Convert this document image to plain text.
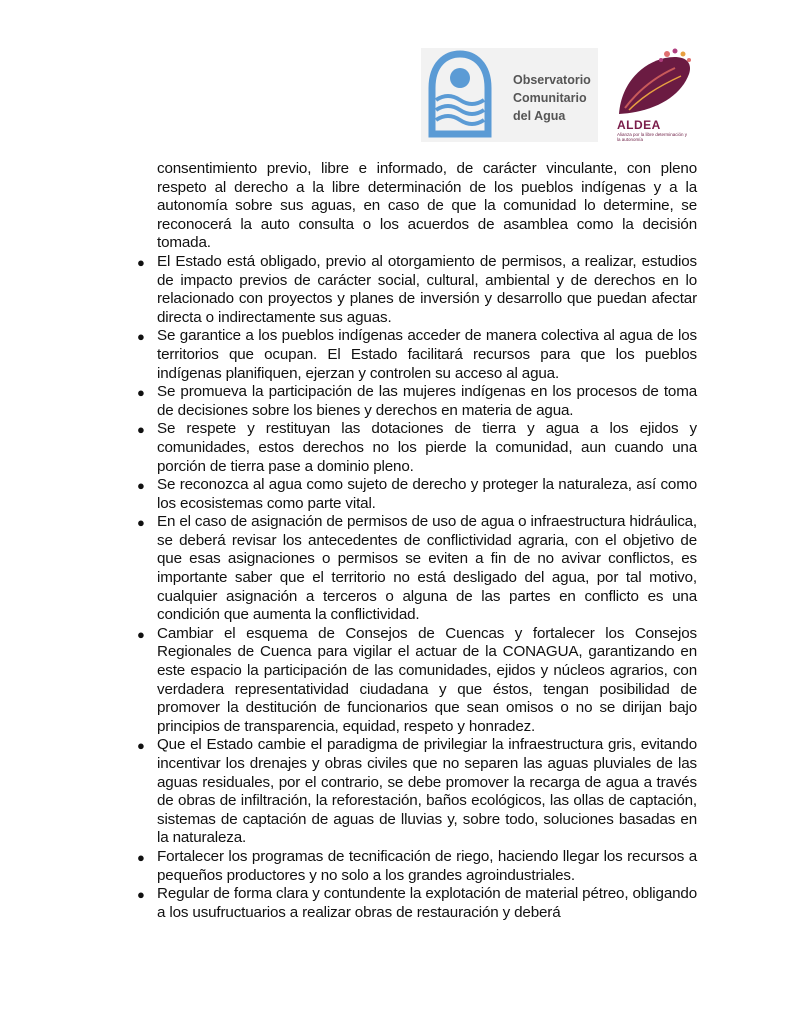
Observatorio
Comunitario
del Agua
ALDEA
Alianza por la libre determinación y la autonomía

consentimiento previo, libre e informado, de carácter vinculante, con pleno respeto al derecho a la libre determinación de los pueblos indígenas y a la autonomía sobre sus aguas, en caso de que la comunidad lo determine, se reconocerá la auto consulta o los acuerdos de asamblea como la decisión tomada.

● El Estado está obligado, previo al otorgamiento de permisos, a realizar, estudios de impacto previos de carácter social, cultural, ambiental y de derechos en lo relacionado con proyectos y planes de inversión y desarrollo que puedan afectar directa o indirectamente sus aguas.
● Se garantice a los pueblos indígenas acceder de manera colectiva al agua de los territorios que ocupan. El Estado facilitará recursos para que los pueblos indígenas planifiquen, ejerzan y controlen su acceso al agua.
● Se promueva la participación de las mujeres indígenas en los procesos de toma de decisiones sobre los bienes y derechos en materia de agua.
● Se respete y restituyan las dotaciones de tierra y agua a los ejidos y comunidades, estos derechos no los pierde la comunidad, aun cuando una porción de tierra pase a dominio pleno.
● Se reconozca al agua como sujeto de derecho y proteger la naturaleza, así como los ecosistemas como parte vital.
● En el caso de asignación de permisos de uso de agua o infraestructura hidráulica, se deberá revisar los antecedentes de conflictividad agraria, con el objetivo de que esas asignaciones o permisos se eviten a fin de no avivar conflictos, es importante saber que el territorio no está desligado del agua, por tal motivo, cualquier asignación a terceros o alguna de las partes en conflicto es una condición que aumenta la conflictividad.
● Cambiar el esquema de Consejos de Cuencas y fortalecer los Consejos Regionales de Cuenca para vigilar el actuar de la CONAGUA, garantizando en este espacio la participación de las comunidades, ejidos y núcleos agrarios, con verdadera representatividad ciudadana y que éstos, tengan posibilidad de promover la destitución de funcionarios que sean omisos o no se dirijan bajo principios de transparencia, equidad, respeto y honradez.
● Que el Estado cambie el paradigma de privilegiar la infraestructura gris, evitando incentivar los drenajes y obras civiles que no separen las aguas pluviales de las aguas residuales, por el contrario, se debe promover la recarga de agua a través de obras de infiltración, la reforestación, baños ecológicos, las ollas de captación, sistemas de captación de aguas de lluvias y, sobre todo, soluciones basadas en la naturaleza.
● Fortalecer los programas de tecnificación de riego, haciendo llegar los recursos a pequeños productores y no solo a los grandes agroindustriales.
● Regular de forma clara y contundente la explotación de material pétreo, obligando a los usufructuarios a realizar obras de restauración y deberá
